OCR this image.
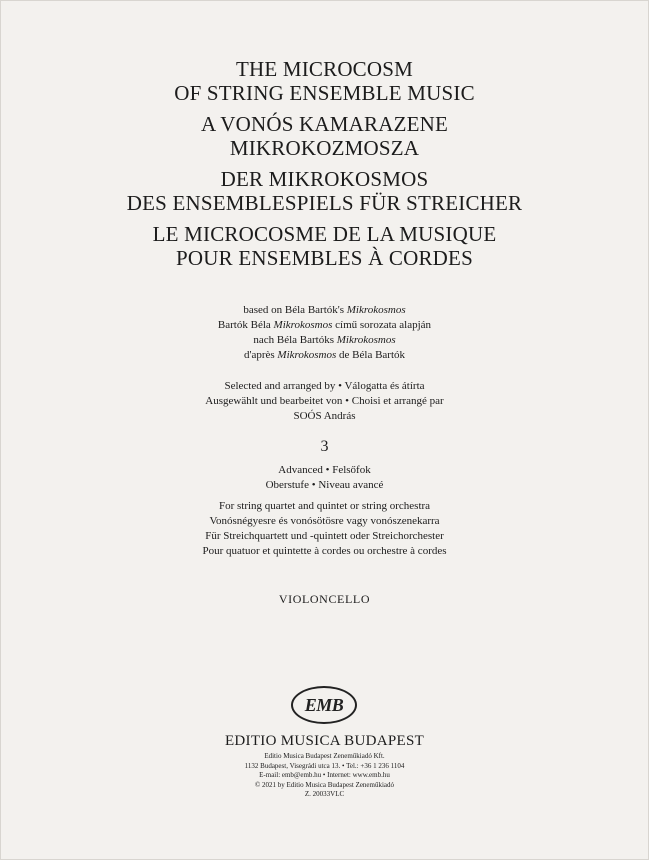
THE MICROCOSM
OF STRING ENSEMBLE MUSIC
A VONÓS KAMARAZENE
MIKROKOZMOSZA
DER MIKROKOSMOS
DES ENSEMBLESPIELS FÜR STREICHER
LE MICROCOSME DE LA MUSIQUE
POUR ENSEMBLES À CORDES
based on Béla Bartók's Mikrokosmos
Bartók Béla Mikrokosmos című sorozata alapján
nach Béla Bartóks Mikrokosmos
d'après Mikrokosmos de Béla Bartók
Selected and arranged by • Válogatta és átírta
Ausgewählt und bearbeitet von • Choisi et arrangé par
SOÓS András
3
Advanced • Felsőfok
Oberstufe • Niveau avancé
For string quartet and quintet or string orchestra
Vonósnégyesre és vonósötösre vagy vonószenekarra
Für Streichquartett und -quintett oder Streichorchester
Pour quatuor et quintette à cordes ou orchestre à cordes
VIOLONCELLO
EMB
EDITIO MUSICA BUDAPEST
Editio Musica Budapest Zeneműkiadó Kft.
1132 Budapest, Visegrádi utca 13. • Tel.: +36 1 236 1104
E-mail: emb@emb.hu • Internet: www.emb.hu
© 2021 by Editio Musica Budapest Zeneműkiadó
Z. 20033VLC
